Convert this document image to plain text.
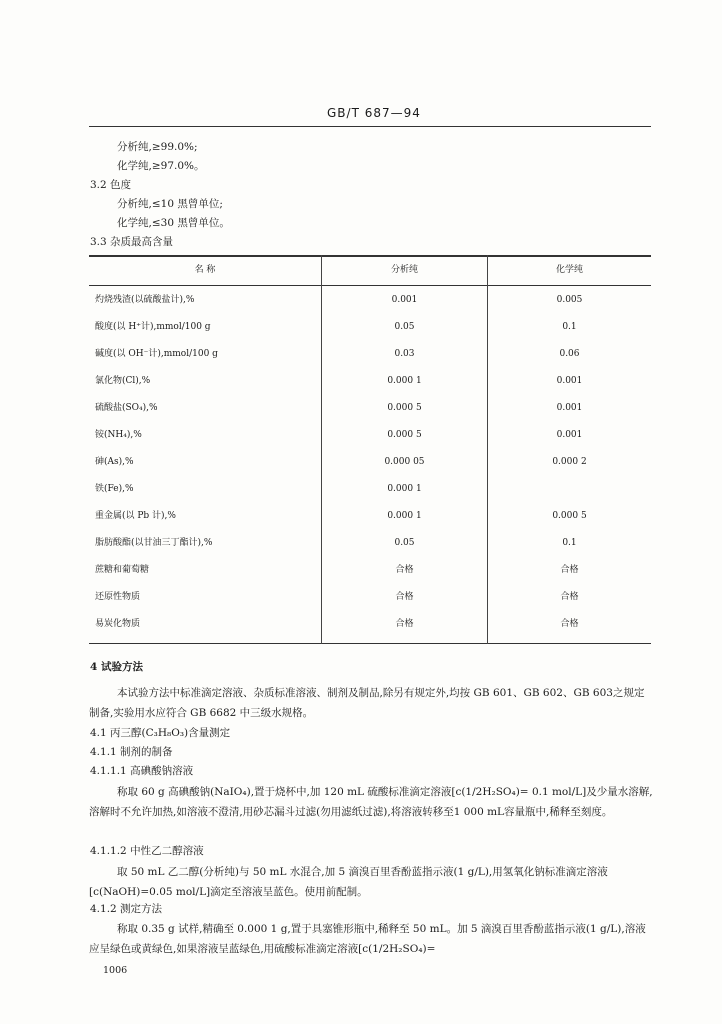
GB/T 687—94
分析纯,≥99.0%;
化学纯,≥97.0%。
3.2 色度
分析纯,≤10 黑曾单位;
化学纯,≤30 黑曾单位。
3.3 杂质最高含量
名 称	分析纯	化学纯
灼烧残渣(以硫酸盐计),%	0.001	0.005
酸度(以 H⁺计),mmol/100 g	0.05	0.1
碱度(以 OH⁻计),mmol/100 g	0.03	0.06
氯化物(Cl),%	0.000 1	0.001
硫酸盐(SO₄),%	0.000 5	0.001
铵(NH₄),%	0.000 5	0.001
砷(As),%	0.000 05	0.000 2
铁(Fe),%	0.000 1
重金属(以 Pb 计),%	0.000 1	0.000 5
脂肪酸酯(以甘油三丁酯计),%	0.05	0.1
蔗糖和葡萄糖	合格	合格
还原性物质	合格	合格
易炭化物质	合格	合格
4 试验方法
本试验方法中标准滴定溶液、杂质标准溶液、制剂及制品,除另有规定外,均按 GB 601、GB 602、GB 603之规定制备,实验用水应符合 GB 6682 中三级水规格。
4.1 丙三醇(C₃H₈O₃)含量测定
4.1.1 制剂的制备
4.1.1.1 高碘酸钠溶液
称取 60 g 高碘酸钠(NaIO₄),置于烧杯中,加 120 mL 硫酸标准滴定溶液[c(1/2H₂SO₄)= 0.1 mol/L]及少量水溶解,溶解时不允许加热,如溶液不澄清,用砂芯漏斗过滤(勿用滤纸过滤),将溶液转移至1 000 mL容量瓶中,稀释至刻度。
4.1.1.2 中性乙二醇溶液
取 50 mL 乙二醇(分析纯)与 50 mL 水混合,加 5 滴溴百里香酚蓝指示液(1 g/L),用氢氧化钠标准滴定溶液[c(NaOH)=0.05 mol/L]滴定至溶液呈蓝色。使用前配制。
4.1.2 测定方法
称取 0.35 g 试样,精确至 0.000 1 g,置于具塞锥形瓶中,稀释至 50 mL。加 5 滴溴百里香酚蓝指示液(1 g/L),溶液应呈绿色或黄绿色,如果溶液呈蓝绿色,用硫酸标准滴定溶液[c(1/2H₂SO₄)=
1006
